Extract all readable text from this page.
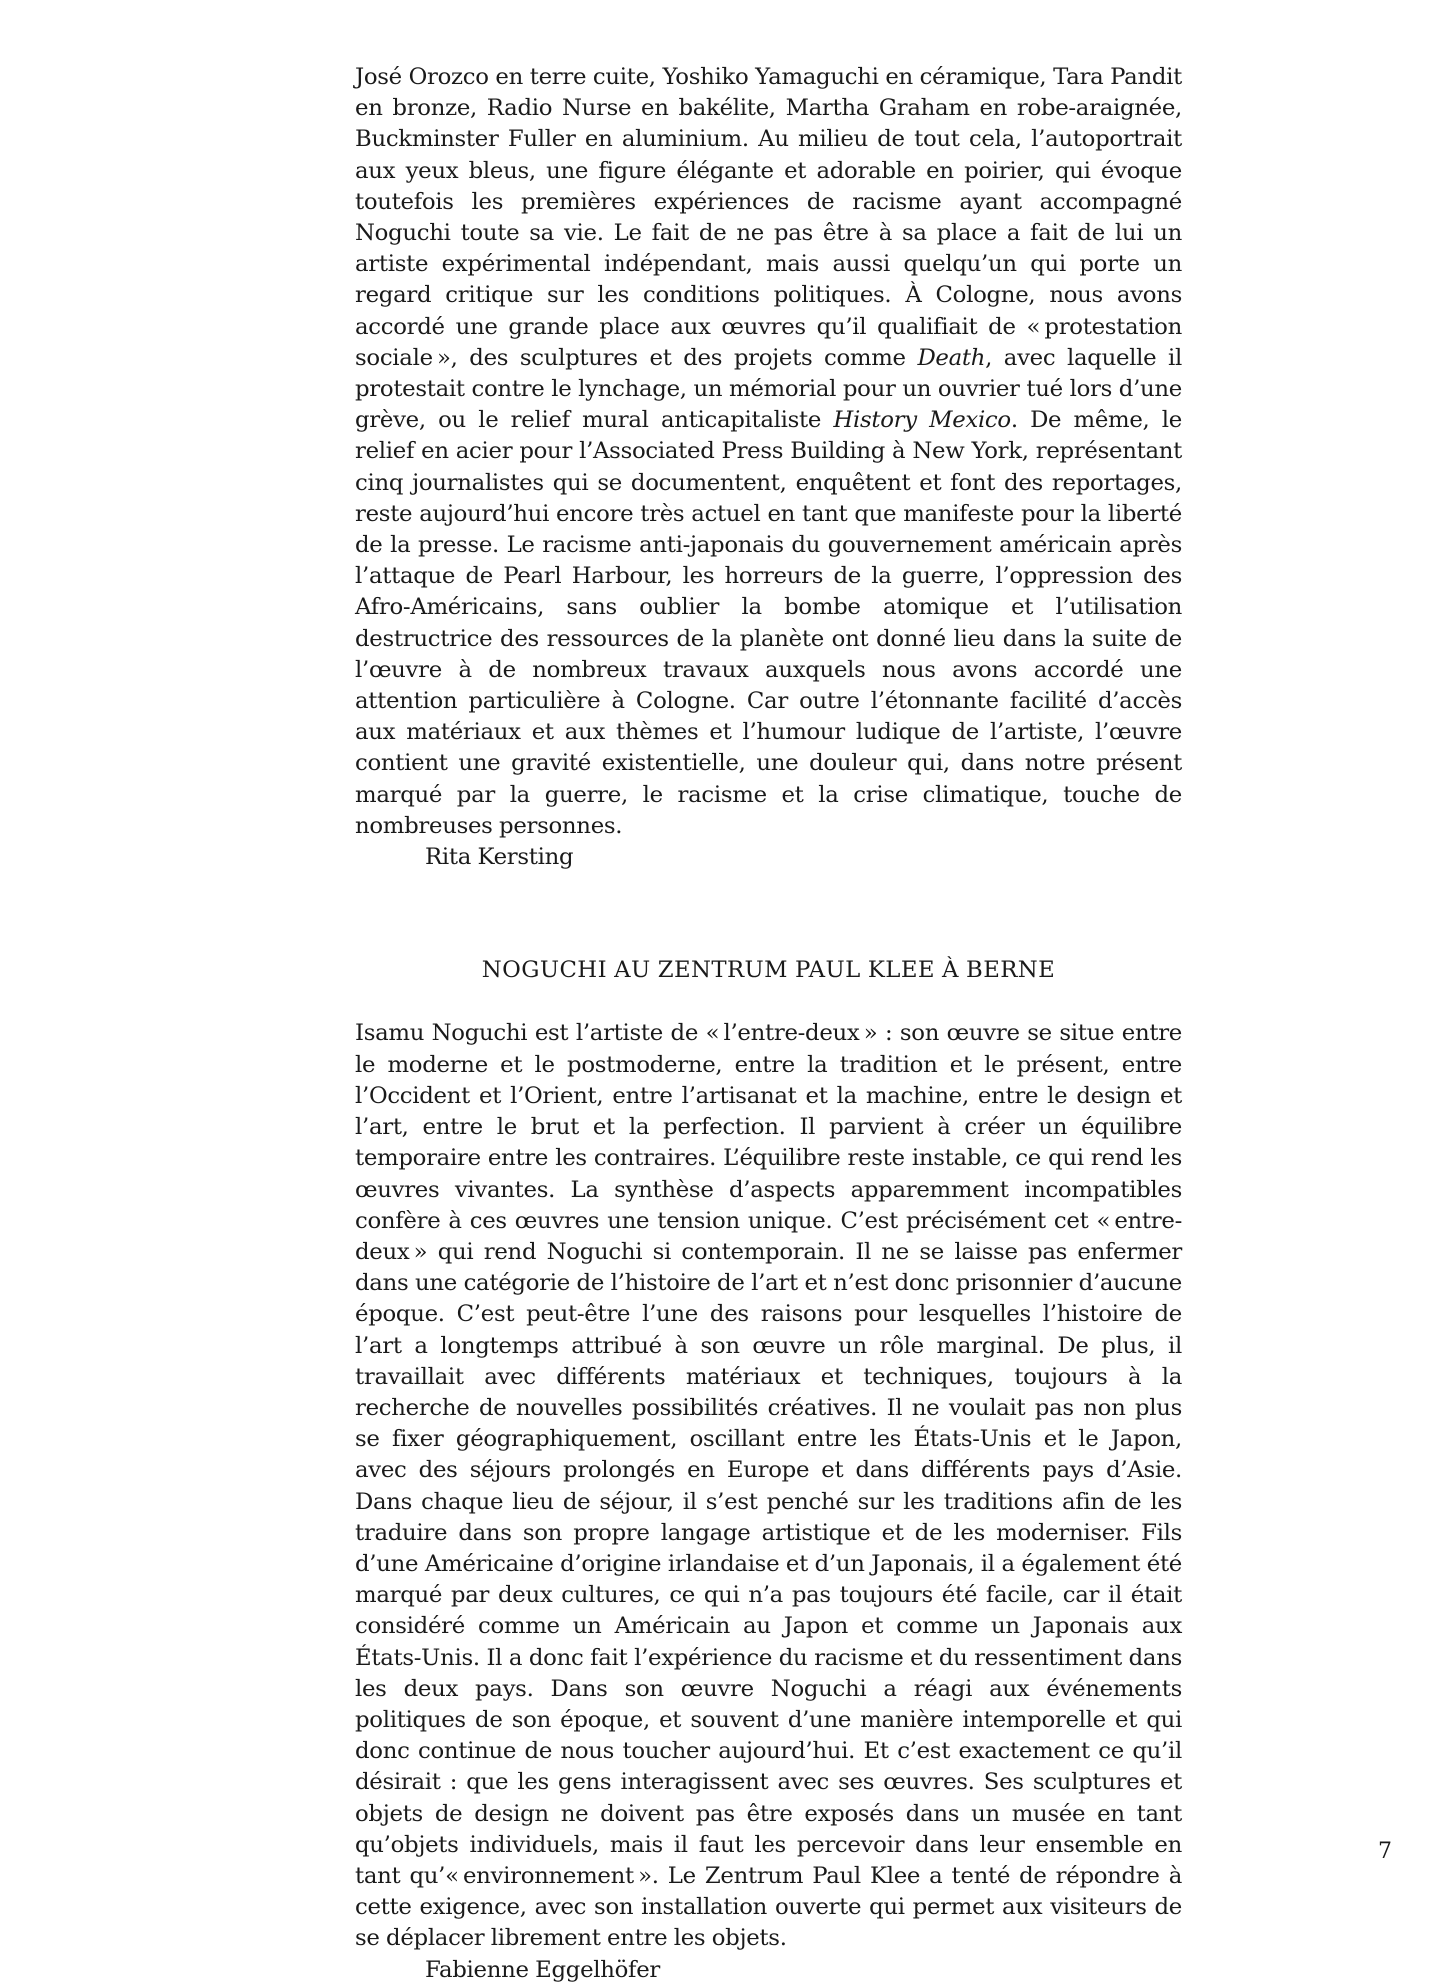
José Orozco en terre cuite, Yoshiko Yamaguchi en céramique, Tara Pandit en bronze, Radio Nurse en bakélite, Martha Graham en robe-araignée, Buckminster Fuller en aluminium. Au milieu de tout cela, l’autoportrait aux yeux bleus, une figure élégante et adorable en poirier, qui évoque toutefois les premières expériences de racisme ayant accompagné Noguchi toute sa vie. Le fait de ne pas être à sa place a fait de lui un artiste expérimental indépendant, mais aussi quelqu’un qui porte un regard critique sur les conditions politiques. À Cologne, nous avons accordé une grande place aux œuvres qu’il qualifiait de « protestation sociale », des sculptures et des projets comme Death, avec laquelle il protestait contre le lynchage, un mémorial pour un ouvrier tué lors d’une grève, ou le relief mural anticapitaliste History Mexico. De même, le relief en acier pour l’Associated Press Building à New York, représentant cinq journalistes qui se documentent, enquêtent et font des reportages, reste aujourd’hui encore très actuel en tant que manifeste pour la liberté de la presse. Le racisme anti-japonais du gouvernement américain après l’attaque de Pearl Harbour, les horreurs de la guerre, l’oppression des Afro-Américains, sans oublier la bombe atomique et l’utilisation destructrice des ressources de la planète ont donné lieu dans la suite de l’œuvre à de nombreux travaux auxquels nous avons accordé une attention particulière à Cologne. Car outre l’étonnante facilité d’accès aux matériaux et aux thèmes et l’humour ludique de l’artiste, l’œuvre contient une gravité existentielle, une douleur qui, dans notre présent marqué par la guerre, le racisme et la crise climatique, touche de nombreuses personnes.

Rita Kersting

NOGUCHI AU ZENTRUM PAUL KLEE À BERNE

Isamu Noguchi est l’artiste de « l’entre-deux » : son œuvre se situe entre le moderne et le postmoderne, entre la tradition et le présent, entre l’Occident et l’Orient, entre l’artisanat et la machine, entre le design et l’art, entre le brut et la perfection. Il parvient à créer un équilibre temporaire entre les contraires. L’équilibre reste instable, ce qui rend les œuvres vivantes. La synthèse d’aspects apparemment incompatibles confère à ces œuvres une tension unique. C’est précisément cet « entre-deux » qui rend Noguchi si contemporain. Il ne se laisse pas enfermer dans une catégorie de l’histoire de l’art et n’est donc prisonnier d’aucune époque. C’est peut-être l’une des raisons pour lesquelles l’histoire de l’art a longtemps attribué à son œuvre un rôle marginal. De plus, il travaillait avec différents matériaux et techniques, toujours à la recherche de nouvelles possibilités créatives. Il ne voulait pas non plus se fixer géographiquement, oscillant entre les États-Unis et le Japon, avec des séjours prolongés en Europe et dans différents pays d’Asie. Dans chaque lieu de séjour, il s’est penché sur les traditions afin de les traduire dans son propre langage artistique et de les moderniser. Fils d’une Américaine d’origine irlandaise et d’un Japonais, il a également été marqué par deux cultures, ce qui n’a pas toujours été facile, car il était considéré comme un Américain au Japon et comme un Japonais aux États-Unis. Il a donc fait l’expérience du racisme et du ressentiment dans les deux pays. Dans son œuvre Noguchi a réagi aux événements politiques de son époque, et souvent d’une manière intemporelle et qui donc continue de nous toucher aujourd’hui. Et c’est exactement ce qu’il désirait : que les gens interagissent avec ses œuvres. Ses sculptures et objets de design ne doivent pas être exposés dans un musée en tant qu’objets individuels, mais il faut les percevoir dans leur ensemble en tant qu’« environnement ». Le Zentrum Paul Klee a tenté de répondre à cette exigence, avec son installation ouverte qui permet aux visiteurs de se déplacer librement entre les objets.

Fabienne Eggelhöfer

7
